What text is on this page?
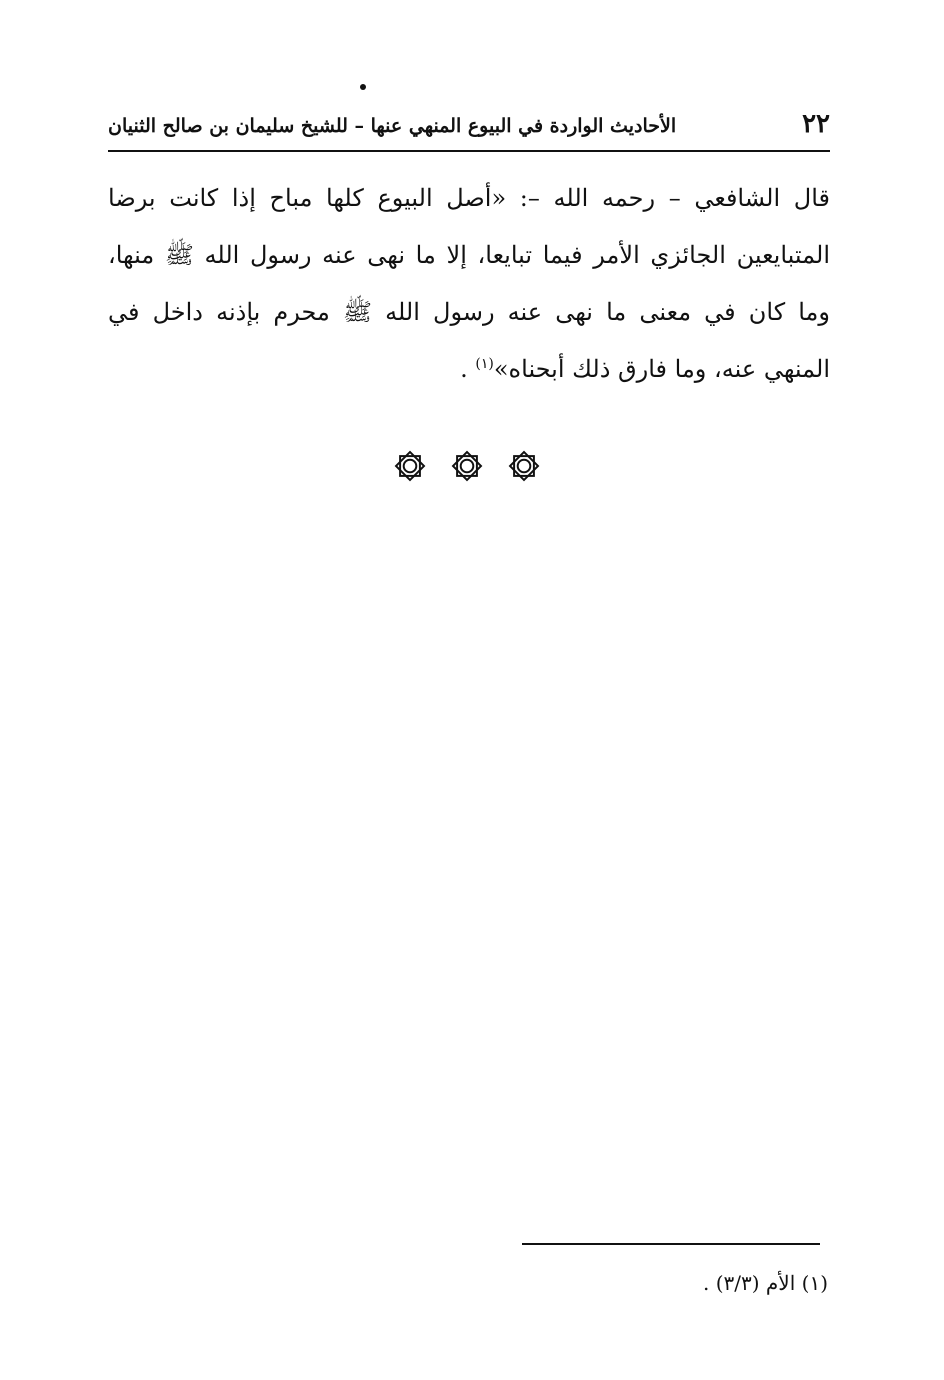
٢٢
الأحاديث الواردة في البيوع المنهي عنها – للشيخ سليمان بن صالح الثنيان

قال الشافعي – رحمه الله –: «أصل البيوع كلها مباح إذا كانت برضا المتبايعين الجائزي الأمر فيما تبايعا، إلا ما نهى عنه رسول الله ﷺ منها، وما كان في معنى ما نهى عنه رسول الله ﷺ محرم بإذنه داخل في المنهي عنه، وما فارق ذلك أبحناه»$^{(١)}$ .

(١) الأم (٣/٣) .
